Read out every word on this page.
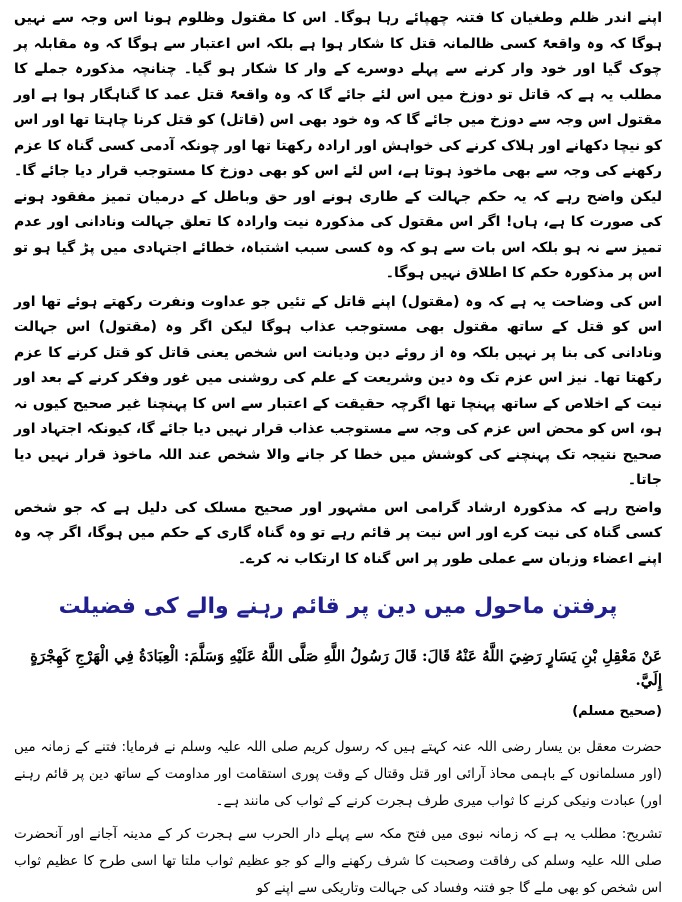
اپنے اندر ظلم وطغیان کا فتنہ چھپائے رہا ہوگا۔ اس کا مقتول وظلوم ہونا اس وجہ سے نہیں ہوگا کہ وہ واقعۃً کسی ظالمانہ قتل کا شکار ہوا ہے بلکہ اس اعتبار سے ہوگا کہ وہ مقابلہ پر چوک گیا اور خود وار کرنے سے پہلے دوسرے کے وار کا شکار ہو گیا۔ چنانچہ مذکورہ جملے کا مطلب یہ ہے کہ قاتل تو دوزخ میں اس لئے جائے گا کہ وہ واقعۃً قتل عمد کا گناہگار ہوا ہے اور مقتول اس وجہ سے دوزخ میں جائے گا کہ وہ خود بھی اس (قاتل) کو قتل کرنا چاہتا تھا اور اس کو نیچا دکھانے اور ہلاک کرنے کی خواہش اور ارادہ رکھتا تھا اور چونکہ آدمی کسی گناہ کا عزم رکھنے کی وجہ سے بھی ماخوذ ہوتا ہے، اس لئے اس کو بھی دوزخ کا مستوجب قرار دیا جائے گا۔ لیکن واضح رہے کہ یہ حکم جہالت کے طاری ہونے اور حق وباطل کے درمیان تمیز مفقود ہونے کی صورت کا ہے، ہاں! اگر اس مقتول کی مذکورہ نیت وارادہ کا تعلق جہالت ونادانی اور عدم تمیز سے نہ ہو بلکہ اس بات سے ہو کہ وہ کسی سبب اشتباہ، خطائے اجتہادی میں پڑ گیا ہو تو اس پر مذکورہ حکم کا اطلاق نہیں ہوگا۔

اس کی وضاحت یہ ہے کہ وہ (مقتول) اپنے قاتل کے تئیں جو عداوت ونفرت رکھتے ہوئے تھا اور اس کو قتل کے ساتھ مقتول بھی مستوجب عذاب ہوگا لیکن اگر وہ (مقتول) اس جہالت ونادانی کی بنا پر نہیں بلکہ وہ از روئے دین ودیانت اس شخص یعنی قاتل کو قتل کرنے کا عزم رکھتا تھا۔ نیز اس عزم تک وہ دین وشریعت کے علم کی روشنی میں غور وفکر کرنے کے بعد اور نیت کے اخلاص کے ساتھ پہنچا تھا اگرچہ حقیقت کے اعتبار سے اس کا پہنچنا غیر صحیح کیوں نہ ہو، اس کو محض اس عزم کی وجہ سے مستوجب عذاب قرار نہیں دیا جائے گا، کیونکہ اجتہاد اور صحیح نتیجہ تک پہنچنے کی کوشش میں خطا کر جانے والا شخص عند اللہ ماخوذ قرار نہیں دیا جاتا۔

واضح رہے کہ مذکورہ ارشاد گرامی اس مشہور اور صحیح مسلک کی دلیل ہے کہ جو شخص کسی گناہ کی نیت کرے اور اس نیت پر قائم رہے تو وہ گناہ گاری کے حکم میں ہوگا، اگر چہ وہ اپنے اعضاء وزبان سے عملی طور پر اس گناہ کا ارتکاب نہ کرے۔

پرفتن ماحول میں دین پر قائم رہنے والے کی فضیلت

عَنْ مَعْقِلِ بْنِ يَسَارٍ رَضِيَ اللَّهُ عَنْهُ قَالَ: قَالَ رَسُولُ اللَّهِ صَلَّى اللَّهُ عَلَيْهِ وَسَلَّمَ: الْعِبَادَةُ فِي الْهَرْجِ كَهِجْرَةٍ إِلَيَّ.

(صحیح مسلم)

حضرت معقل بن یسار رضی اللہ عنہ کہتے ہیں کہ رسول کریم صلی اللہ علیہ وسلم نے فرمایا: فتنے کے زمانہ میں (اور مسلمانوں کے باہمی محاذ آرائی اور قتل وقتال کے وقت پوری استقامت اور مداومت کے ساتھ دین پر قائم رہنے اور) عبادت ونیکی کرنے کا ثواب میری طرف ہجرت کرنے کے ثواب کی مانند ہے۔

تشریح: مطلب یہ ہے کہ زمانہ نبوی میں فتح مکہ سے پہلے دار الحرب سے ہجرت کر کے مدینہ آجانے اور آنحضرت صلی اللہ علیہ وسلم کی رفاقت وصحبت کا شرف رکھنے والے کو جو عظیم ثواب ملتا تھا اسی طرح کا عظیم ثواب اس شخص کو بھی ملے گا جو فتنہ وفساد کی جہالت وتاریکی سے اپنے کو
